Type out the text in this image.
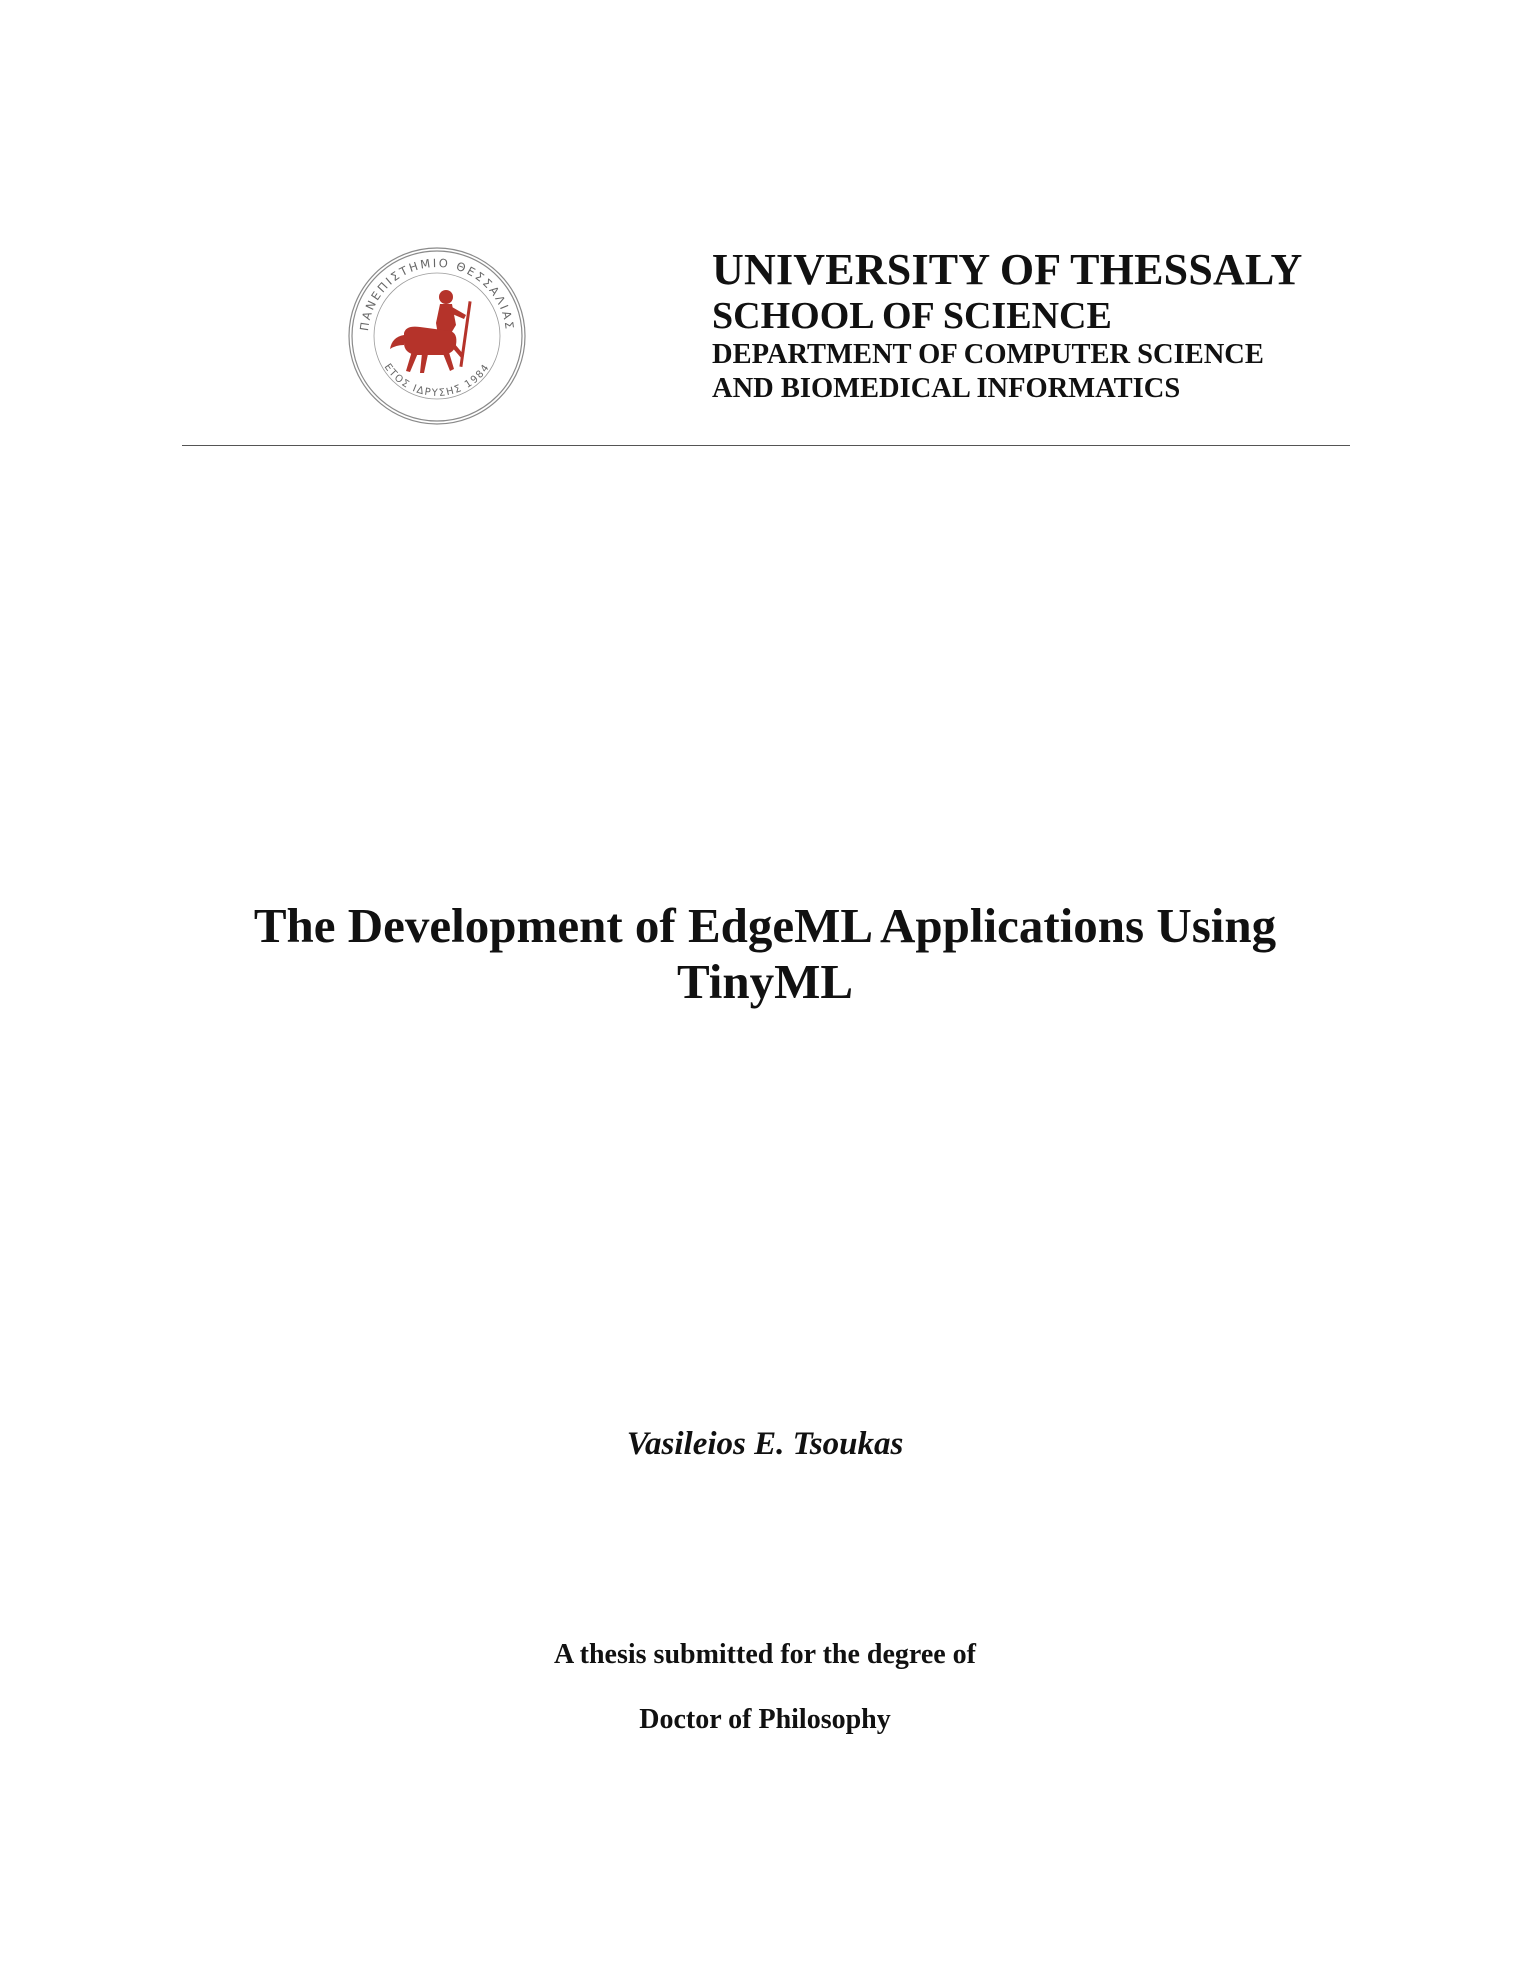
ΠΑΝΕΠΙΣΤΗΜΙΟ ΘΕΣΣΑΛΙΑΣ
ΕΤΟΣ ΙΔΡΥΣΗΣ 1984
UNIVERSITY OF THESSALY
SCHOOL OF SCIENCE
DEPARTMENT OF COMPUTER SCIENCE
AND BIOMEDICAL INFORMATICS
The Development of EdgeML Applications Using
TinyML
Vasileios E. Tsoukas
A thesis submitted for the degree of
Doctor of Philosophy
